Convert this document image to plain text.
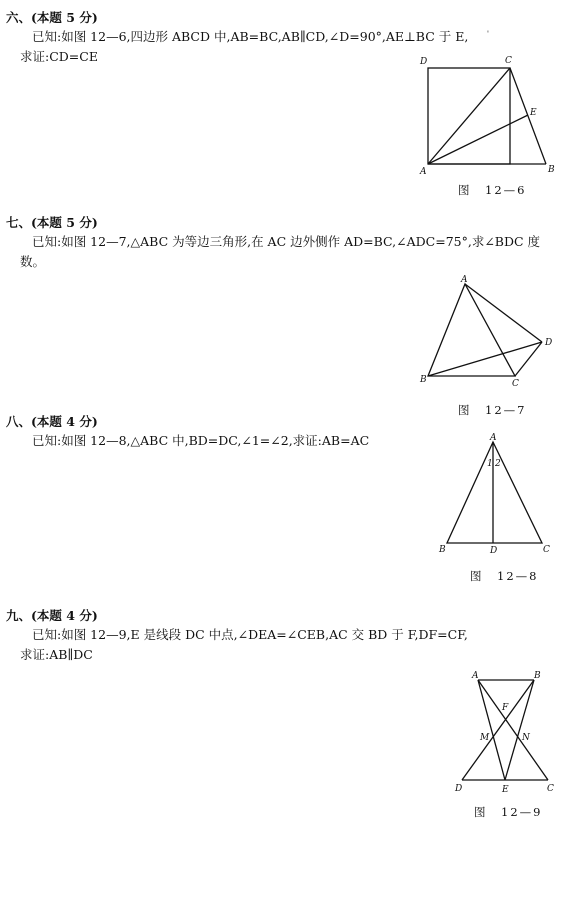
六、(本题 5 分)
已知:如图 12—6,四边形 ABCD 中,AB=BC,AB∥CD,∠D=90°,AE⊥BC 于 E,
求证:CD=CE
'
D	C
E
A	B
图　12—6
七、(本题 5 分)
已知:如图 12—7,△ABC 为等边三角形,在 AC 边外侧作 AD=BC,∠ADC=75°,求∠BDC 度
数。
A
D
B	C
图　12—7
八、(本题 4 分)
已知:如图 12—8,△ABC 中,BD=DC,∠1=∠2,求证:AB=AC	A
1 2
B	D	C
图　12—8
九、(本题 4 分)
已知:如图 12—9,E 是线段 DC 中点,∠DEA=∠CEB,AC 交 BD 于 F,DF=CF,
求证:AB∥DC
A	B
F
M	N
D	E	C
图　12—9
